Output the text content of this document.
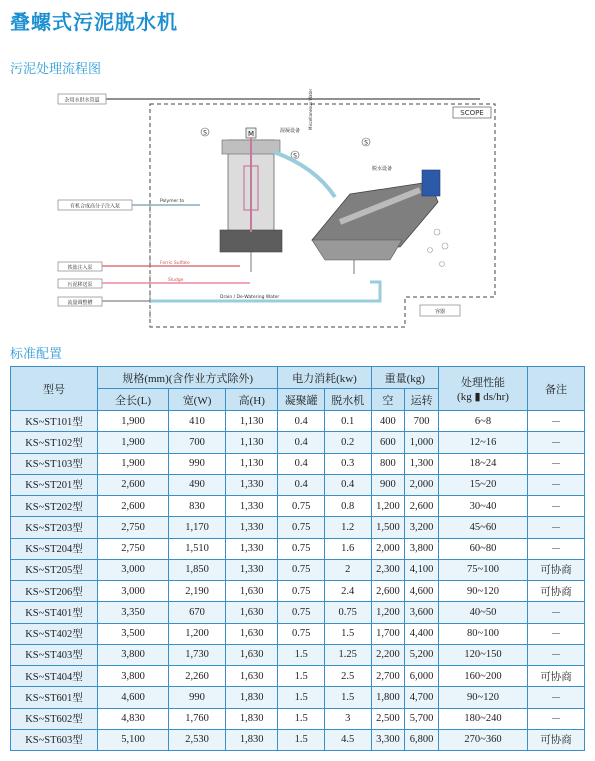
叠螺式污泥脱水机
污泥处理流程图
SCOPE
杂用水供水管道
有机合成高分子注入泵
铁盐注入泵
污泥移送泵
流量调整槽
Ferric Sulfate
Sludge
Drain / De-Watering Water
Polymer to
M	混凝设备
Miscellaneous Water
S
S
S
脱水设备
容器
标准配置
型号	规格(mm)(含作业方式除外)			电力消耗(kw)		重量(kg)		处理性能
(kg ▮ ds/hr)	备注
	全长(L)	宽(W)	高(H)	凝聚罐	脱水机	空	运转		
KS~ST101型	1,900	410	1,130	0.4	0.1	400	700	6~8	－
KS~ST102型	1,900	700	1,130	0.4	0.2	600	1,000	12~16	－
KS~ST103型	1,900	990	1,130	0.4	0.3	800	1,300	18~24	－
KS~ST201型	2,600	490	1,330	0.4	0.4	900	2,000	15~20	－
KS~ST202型	2,600	830	1,330	0.75	0.8	1,200	2,600	30~40	－
KS~ST203型	2,750	1,170	1,330	0.75	1.2	1,500	3,200	45~60	－
KS~ST204型	2,750	1,510	1,330	0.75	1.6	2,000	3,800	60~80	－
KS~ST205型	3,000	1,850	1,330	0.75	2	2,300	4,100	75~100	可协商
KS~ST206型	3,000	2,190	1,630	0.75	2.4	2,600	4,600	90~120	可协商
KS~ST401型	3,350	670	1,630	0.75	0.75	1,200	3,600	40~50	－
KS~ST402型	3,500	1,200	1,630	0.75	1.5	1,700	4,400	80~100	－
KS~ST403型	3,800	1,730	1,630	1.5	1.25	2,200	5,200	120~150	－
KS~ST404型	3,800	2,260	1,630	1.5	2.5	2,700	6,000	160~200	可协商
KS~ST601型	4,600	990	1,830	1.5	1.5	1,800	4,700	90~120	－
KS~ST602型	4,830	1,760	1,830	1.5	3	2,500	5,700	180~240	－
KS~ST603型	5,100	2,530	1,830	1.5	4.5	3,300	6,800	270~360	可协商
